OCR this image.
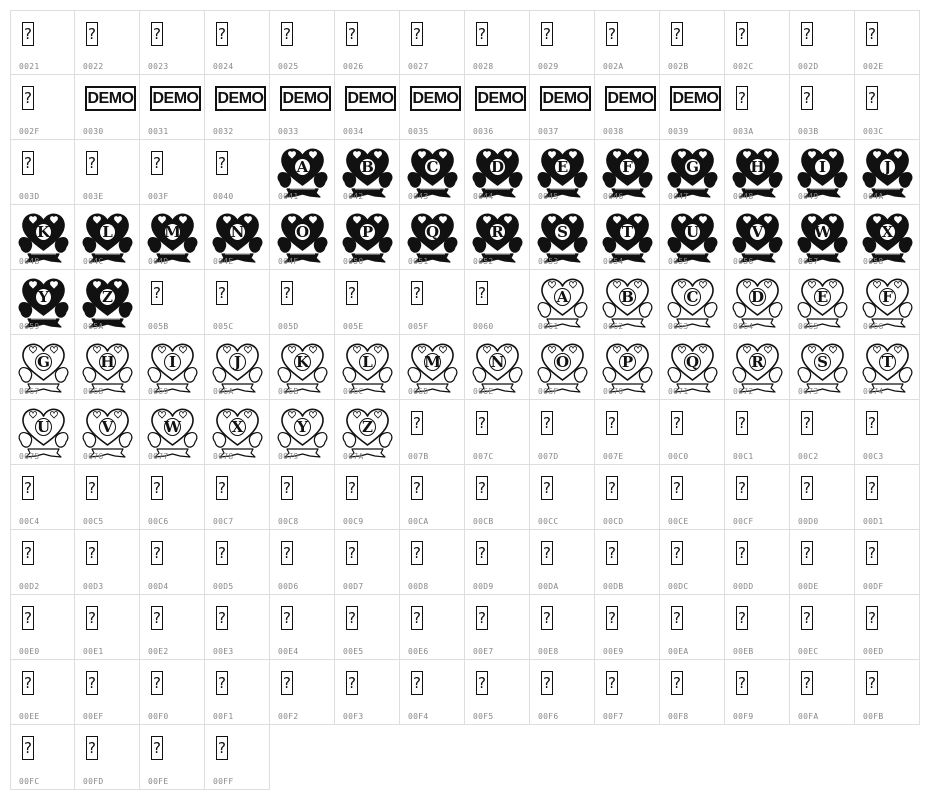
?
0021
?
0022
?
0023
?
0024
?
0025
?
0026
?
0027
?
0028
?
0029
?
002A
?
002B
?
002C
?
002D
?
002E
?
002F
DEMO
0030
DEMO
0031
DEMO
0032
DEMO
0033
DEMO
0034
DEMO
0035
DEMO
0036
DEMO
0037
DEMO
0038
DEMO
0039
?
003A
?
003B
?
003C
?
003D
?
003E
?
003F
?
0040
A
0041
B
0042
C
0043
D
0044
E
0045
F
0046
G
0047
H
0048
I
0049
J
004A
K
004B
L
004C
M
004D
N
004E
O
004F
P
0050
Q
0051
R
0052
S
0053
T
0054
U
0055
V
0056
W
0057
X
0058
Y
0059
Z
005A
?
005B
?
005C
?
005D
?
005E
?
005F
?
0060
A
0061
B
0062
C
0063
D
0064
E
0065
F
0066
G
0067
H
0068
I
0069
J
006A
K
006B
L
006C
M
006D
N
006E
O
006F
P
0070
Q
0071
R
0072
S
0073
T
0074
U
0075
V
0076
W
0077
X
0078
Y
0079
Z
007A
?
007B
?
007C
?
007D
?
007E
?
00C0
?
00C1
?
00C2
?
00C3
?
00C4
?
00C5
?
00C6
?
00C7
?
00C8
?
00C9
?
00CA
?
00CB
?
00CC
?
00CD
?
00CE
?
00CF
?
00D0
?
00D1
?
00D2
?
00D3
?
00D4
?
00D5
?
00D6
?
00D7
?
00D8
?
00D9
?
00DA
?
00DB
?
00DC
?
00DD
?
00DE
?
00DF
?
00E0
?
00E1
?
00E2
?
00E3
?
00E4
?
00E5
?
00E6
?
00E7
?
00E8
?
00E9
?
00EA
?
00EB
?
00EC
?
00ED
?
00EE
?
00EF
?
00F0
?
00F1
?
00F2
?
00F3
?
00F4
?
00F5
?
00F6
?
00F7
?
00F8
?
00F9
?
00FA
?
00FB
?
00FC
?
00FD
?
00FE
?
00FF
